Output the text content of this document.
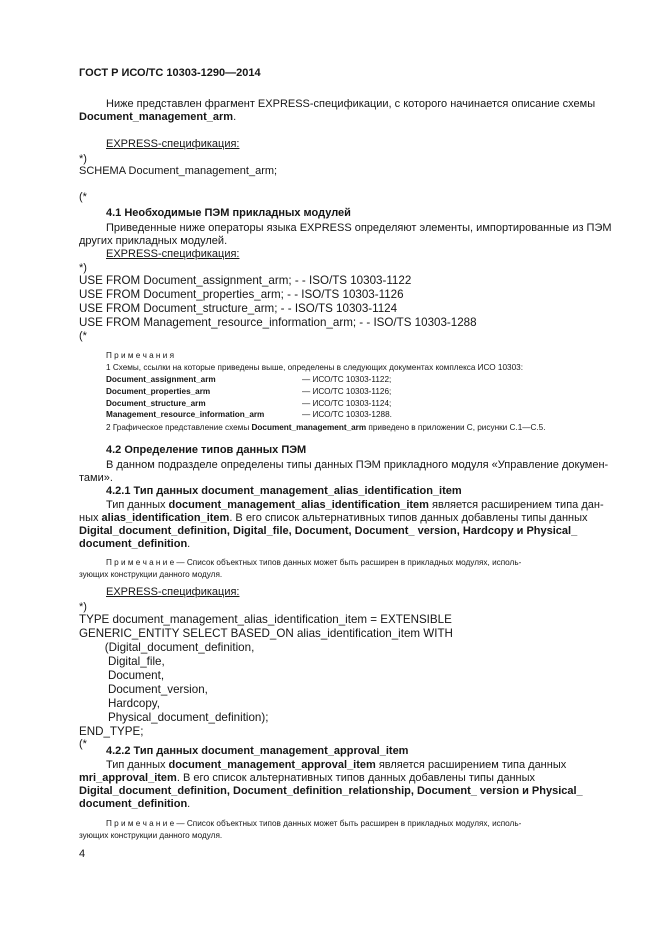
ГОСТ Р ИСО/ТС 10303-1290—2014
Ниже представлен фрагмент EXPRESS-спецификации, с которого начинается описание схемы
Document_management_arm.
EXPRESS-спецификация:
*)
SCHEMA Document_management_arm;
(*
4.1 Необходимые ПЭМ прикладных модулей
Приведенные ниже операторы языка EXPRESS определяют элементы, импортированные из ПЭМ
других прикладных модулей.
EXPRESS-спецификация:
*)
USE FROM Document_assignment_arm; - - ISO/TS 10303-1122
USE FROM Document_properties_arm; - - ISO/TS 10303-1126
USE FROM Document_structure_arm; - - ISO/TS 10303-1124
USE FROM Management_resource_information_arm; - - ISO/TS 10303-1288
(*
П р и м е ч а н и я
1 Схемы, ссылки на которые приведены выше, определены в следующих документах комплекса ИСО 10303:
Document_assignment_arm	— ИСО/ТС 10303-1122;
Document_properties_arm	— ИСО/ТС 10303-1126;
Document_structure_arm	— ИСО/ТС 10303-1124;
Management_resource_information_arm	— ИСО/ТС 10303-1288.
2 Графическое представление схемы Document_management_arm приведено в приложении С, рисунки С.1—С.5.
4.2 Определение типов данных ПЭМ
В данном подразделе определены типы данных ПЭМ прикладного модуля «Управление докумен-
тами».
4.2.1 Тип данных document_management_alias_identification_item
Тип данных document_management_alias_identification_item является расширением типа дан-
ных alias_identification_item. В его список альтернативных типов данных добавлены типы данных
Digital_document_definition, Digital_file, Document, Document_ version, Hardcopy и Physical_
document_definition.
П р и м е ч а н и е — Список объектных типов данных может быть расширен в прикладных модулях, исполь-
зующих конструкции данного модуля.
EXPRESS-спецификация:
*)
TYPE document_management_alias_identification_item = EXTENSIBLE
GENERIC_ENTITY SELECT BASED_ON alias_identification_item WITH
(Digital_document_definition,
Digital_file,
Document,
Document_version,
Hardcopy,
Physical_document_definition);
END_TYPE;
(*
4.2.2 Тип данных document_management_approval_item
Тип данных document_management_approval_item является расширением типа данных
mri_approval_item. В его список альтернативных типов данных добавлены типы данных
Digital_document_definition, Document_definition_relationship, Document_ version и Physical_
document_definition.
П р и м е ч а н и е — Список объектных типов данных может быть расширен в прикладных модулях, исполь-
зующих конструкции данного модуля.
4
